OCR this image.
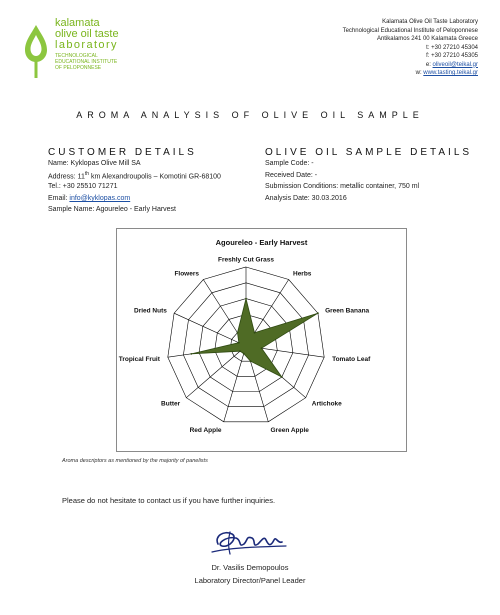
kalamata
olive oil taste
laboratory
TECHNOLOGICAL
EDUCATIONAL INSTITUTE
OF PELOPONNESE
Kalamata Olive Oil Taste Laboratory
Technological Educational Institute of Peloponnese
Antikalamos 241 00 Kalamata Greece
t: +30 27210 45304
f: +30 27210 45305
e: oliveoil@teikal.gr
w: www.tasting.teikal.gr
AROMA ANALYSIS OF OLIVE OIL SAMPLE
CUSTOMER DETAILS
Name: Kyklopas Olive Mill SA
Address: 11th km Alexandroupolis – Komotini GR-68100
Tel.: +30 25510 71271
Email: info@kyklopas.com
Sample Name: Agoureleo - Early Harvest
OLIVE OIL SAMPLE DETAILS
Sample Code: -
Received Date: -
Submission Conditions: metallic container, 750 ml
Analysis Date: 30.03.2016
Agoureleo - Early Harvest
Freshly Cut Grass
Herbs
Green Banana
Tomato Leaf
Artichoke
Green Apple
Red Apple
Butter
Tropical Fruit
Dried Nuts
Flowers
Aroma descriptors as mentioned by the majority of panelists
Please do not hesitate to contact us if you have further inquiries.
Dr. Vasilis Demopoulos
Laboratory Director/Panel Leader
